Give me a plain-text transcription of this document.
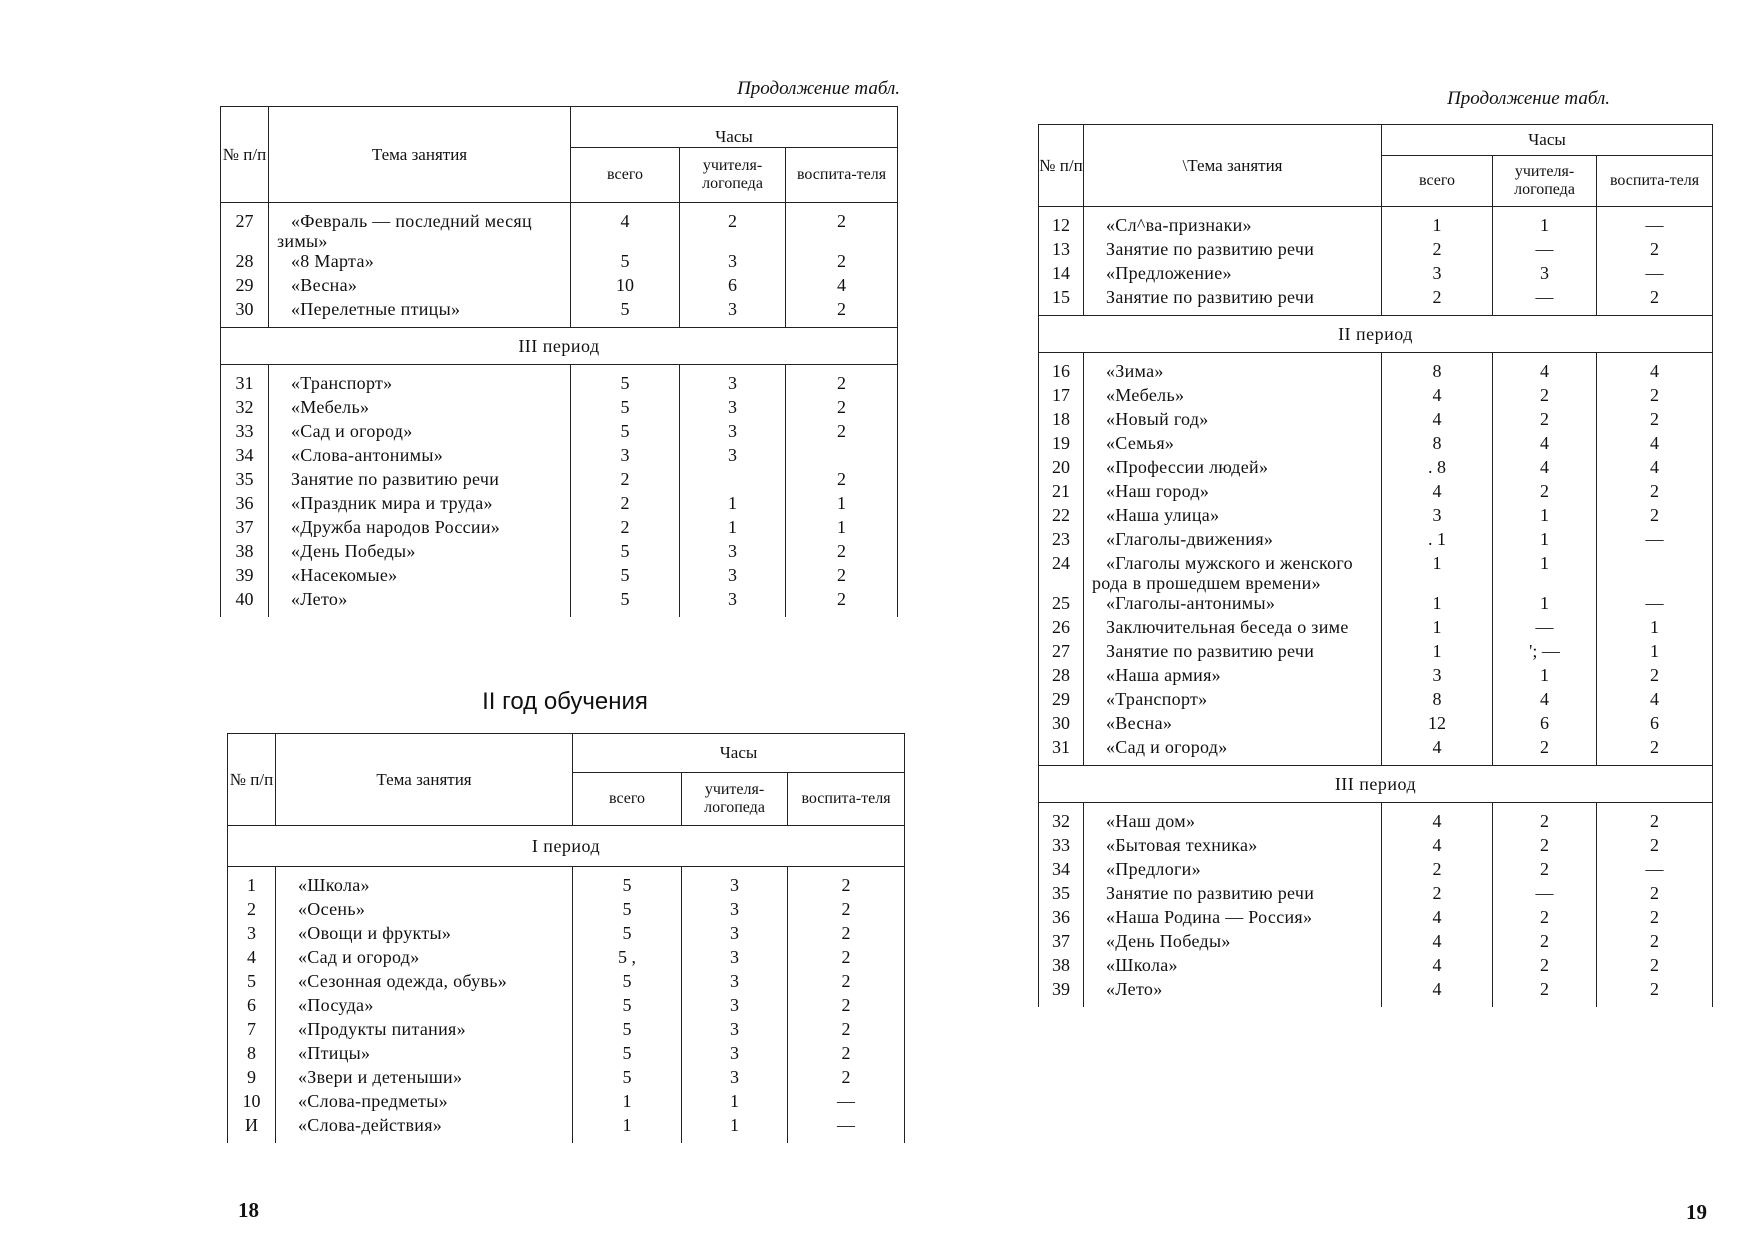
Продолжение табл.
№ п/п	Тема занятия	Часы		
		всего	учителя-логопеда	воспита-теля
27	«Февраль — последний месяц зимы»	4	2	2
28	«8 Марта»	5	3	2
29	«Весна»	10	6	4
30	«Перелетные птицы»	5	3	2
III период				
31	«Транспорт»	5	3	2
32	«Мебель»	5	3	2
33	«Сад и огород»	5	3	2
34	«Слова-антонимы»	3	3	
35	Занятие по развитию речи	2		2
36	«Праздник мира и труда»	2	1	1
37	«Дружба народов России»	2	1	1
38	«День Победы»	5	3	2
39	«Насекомые»	5	3	2
40	«Лето»	5	3	2
II год обучения
№ п/п	Тема занятия	Часы		
		всего	учителя-логопеда	воспита-теля
I период				
1	«Школа»	5	3	2
2	«Осень»	5	3	2
3	«Овощи и фрукты»	5	3	2
4	«Сад и огород»	5 ,	3	2
5	«Сезонная одежда, обувь»	5	3	2
6	«Посуда»	5	3	2
7	«Продукты питания»	5	3	2
8	«Птицы»	5	3	2
9	«Звери и детеныши»	5	3	2
10	«Слова-предметы»	1	1	—
И	«Слова-действия»	1	1	—
18
Продолжение табл.
№ п/п	\Тема занятия	Часы		
		всего	учителя-логопеда	воспита-теля
12	«Сл^ва-признаки»	1	1	—
13	Занятие по развитию речи	2	—	2
14	«Предложение»	3	3	—
15	Занятие по развитию речи	2	—	2
II период				
16	«Зима»	8	4	4
17	«Мебель»	4	2	2
18	«Новый год»	4	2	2
19	«Семья»	8	4	4
20	«Профессии людей»	. 8	4	4
21	«Наш город»	4	2	2
22	«Наша улица»	3	1	2
23	«Глаголы-движения»	. 1	1	—
24	«Глаголы мужского и женского рода в прошедшем времени»	1	1	
25	«Глаголы-антонимы»	1	1	—
26	Заключительная беседа о зиме	1	—	1
27	Занятие по развитию речи	1	'; —	1
28	«Наша армия»	3	1	2
29	«Транспорт»	8	4	4
30	«Весна»	12	6	6
31	«Сад и огород»	4	2	2
III период				
32	«Наш дом»	4	2	2
33	«Бытовая техника»	4	2	2
34	«Предлоги»	2	2	—
35	Занятие по развитию речи	2	—	2
36	«Наша Родина — Россия»	4	2	2
37	«День Победы»	4	2	2
38	«Школа»	4	2	2
39	«Лето»	4	2	2
19
